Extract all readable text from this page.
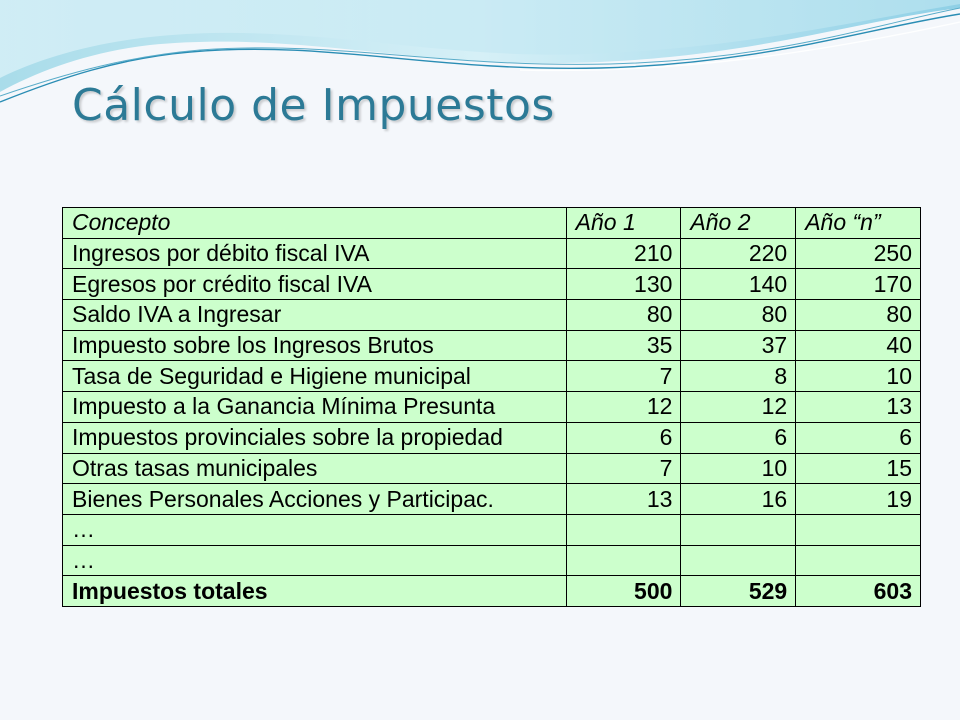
Cálculo de Impuestos
Concepto	Año 1	Año 2	Año “n”
Ingresos por débito fiscal IVA	210	220	250
Egresos por crédito fiscal IVA	130	140	170
Saldo IVA a Ingresar	80	80	80
Impuesto sobre los Ingresos Brutos	35	37	40
Tasa de Seguridad e Higiene municipal	7	8	10
Impuesto a la Ganancia Mínima Presunta	12	12	13
Impuestos provinciales sobre la propiedad	6	6	6
Otras tasas municipales	7	10	15
Bienes Personales Acciones y Participac.	13	16	19
…			
…			
Impuestos totales	500	529	603
